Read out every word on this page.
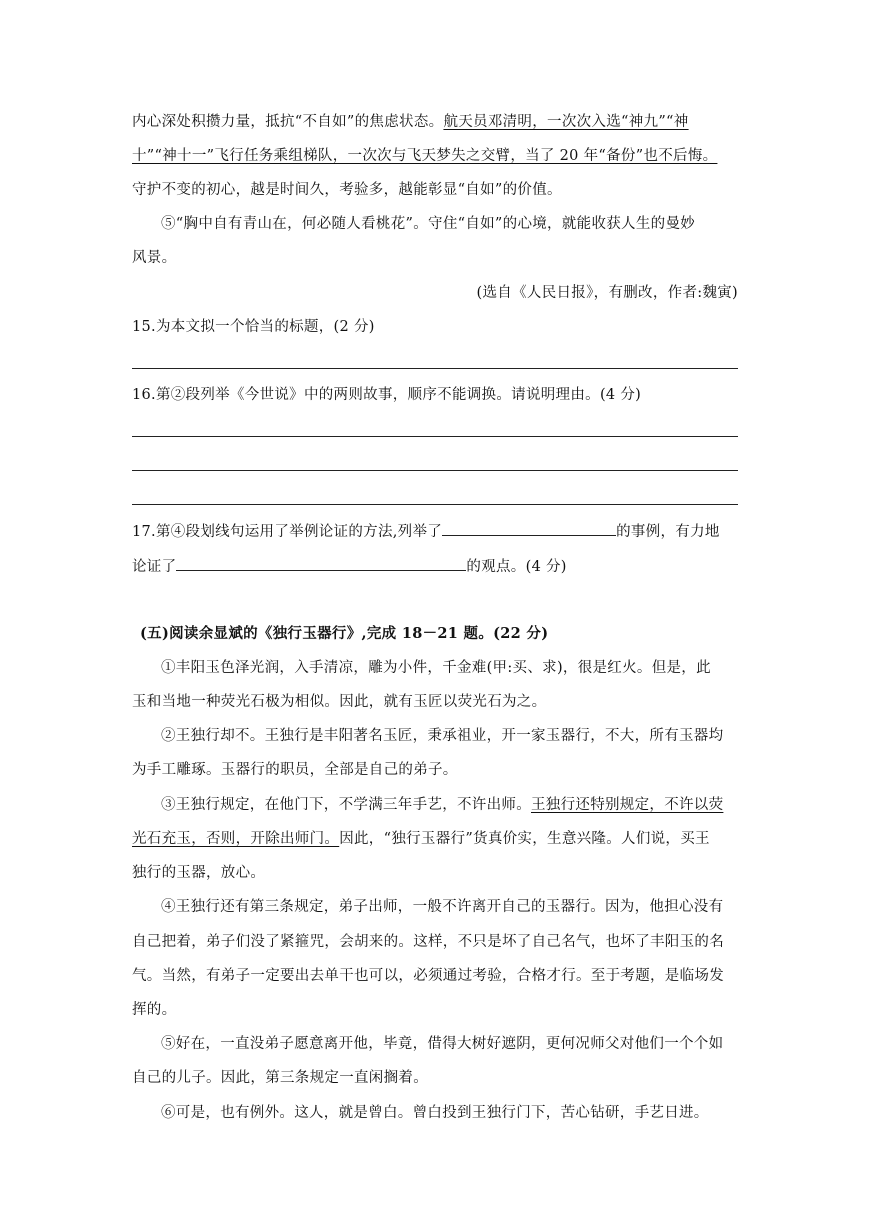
内心深处积攒力量，抵抗“不自如”的焦虑状态。航天员邓清明，一次次入选“神九”“神
十”“神十一”飞行任务乘组梯队，一次次与飞天梦失之交臂，当了 20 年“备份”也不后悔。
守护不变的初心，越是时间久，考验多，越能彰显“自如”的价值。
⑤“胸中自有青山在，何必随人看桃花”。守住“自如”的心境，就能收获人生的曼妙
风景。
(选自《人民日报》，有删改，作者:魏寅)
15.为本文拟一个恰当的标题，(2 分)
16.第②段列举《今世说》中的两则故事，顺序不能调换。请说明理由。(4 分)
17.第④段划线句运用了举例论证的方法,列举了	的事例，有力地
论证了	的观点。(4 分)
(五)阅读余显斌的《独行玉器行》,完成 18－21 题。(22 分)
①丰阳玉色泽光润，入手清凉，雕为小件，千金难(甲:买、求)，很是红火。但是，此
玉和当地一种荧光石极为相似。因此，就有玉匠以荧光石为之。
②王独行却不。王独行是丰阳著名玉匠，秉承祖业，开一家玉器行，不大，所有玉器均
为手工雕琢。玉器行的职员，全部是自己的弟子。
③王独行规定，在他门下，不学满三年手艺，不许出师。王独行还特别规定，不许以荧
光石充玉，否则，开除出师门。因此，“独行玉器行”货真价实，生意兴隆。人们说，买王
独行的玉器，放心。
④王独行还有第三条规定，弟子出师，一般不许离开自己的玉器行。因为，他担心没有
自己把着，弟子们没了紧箍咒，会胡来的。这样，不只是坏了自己名气，也坏了丰阳玉的名
气。当然，有弟子一定要出去单干也可以，必须通过考验，合格才行。至于考题，是临场发
挥的。
⑤好在，一直没弟子愿意离开他，毕竟，借得大树好遮阴，更何况师父对他们一个个如
自己的儿子。因此，第三条规定一直闲搁着。
⑥可是，也有例外。这人，就是曾白。曾白投到王独行门下，苦心钻研，手艺日进。
